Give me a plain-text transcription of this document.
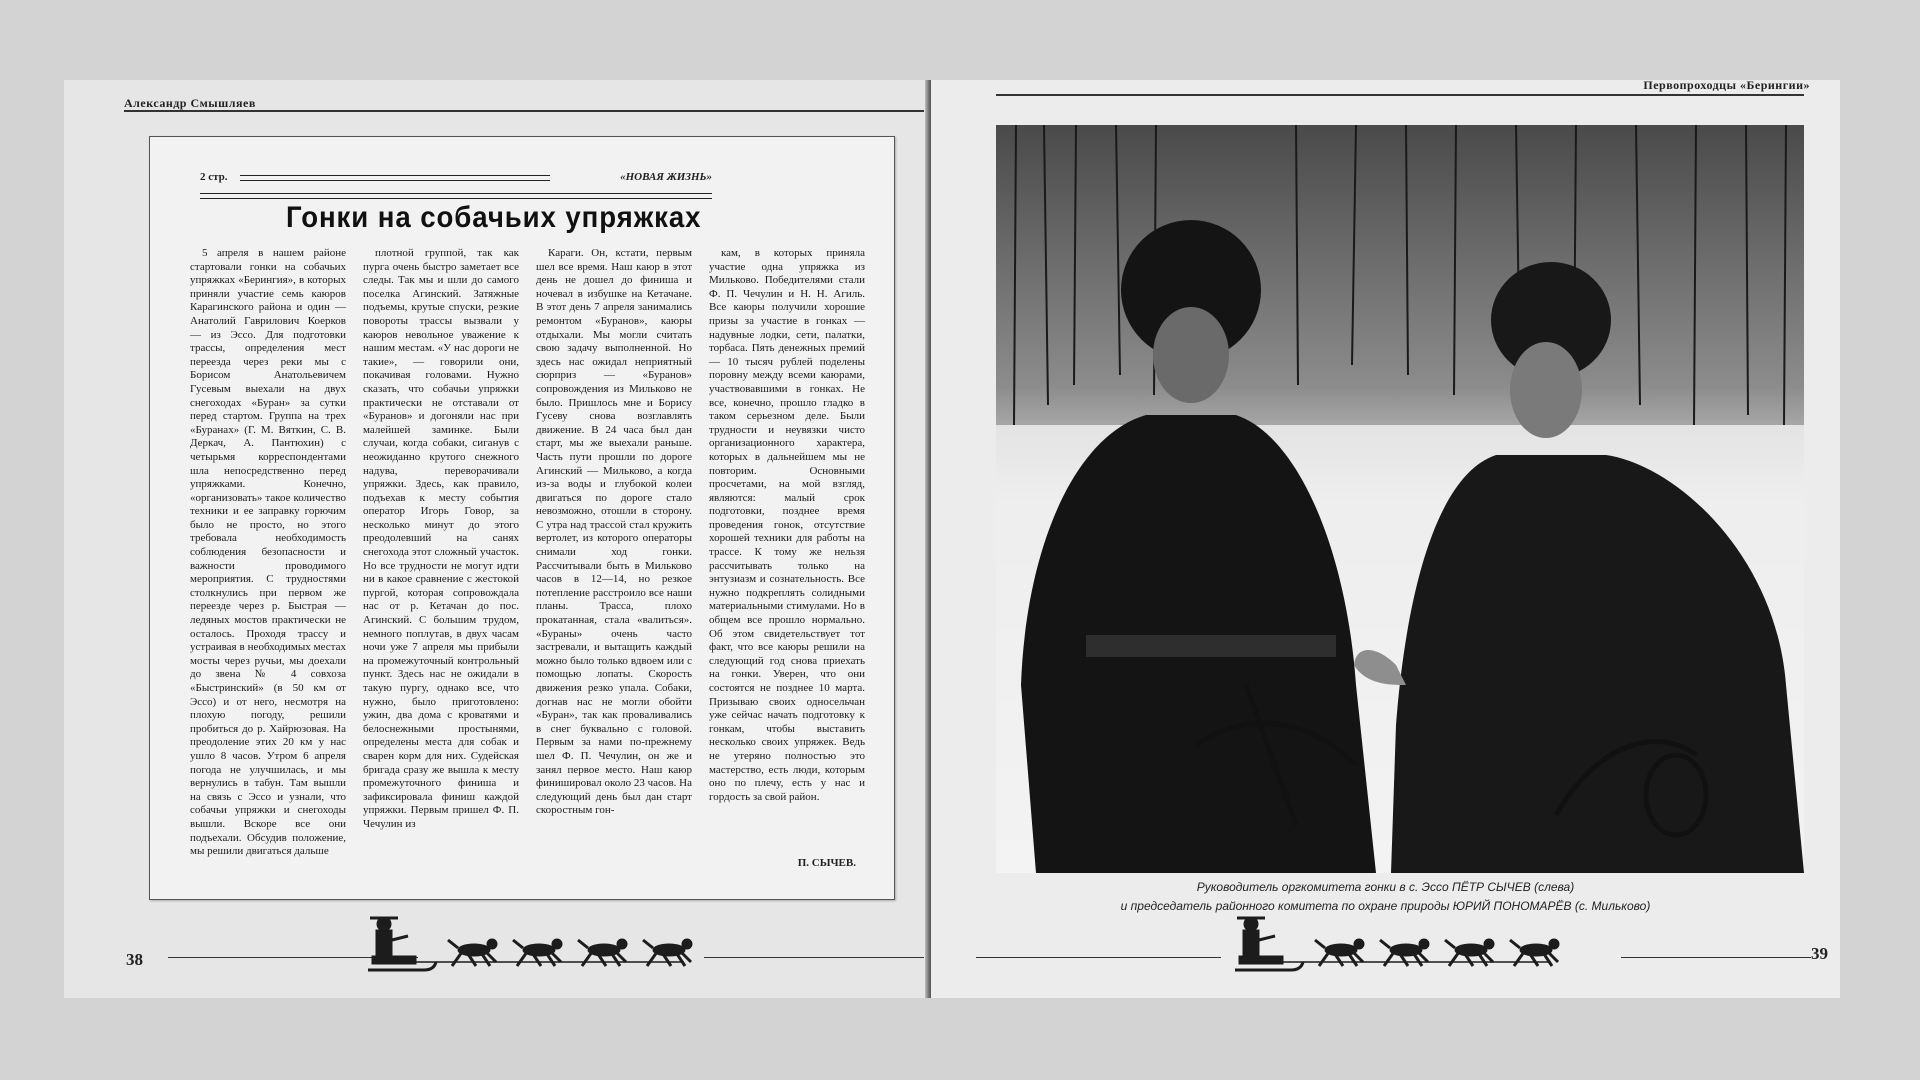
Александр Смышляев
2 стр.	«НОВАЯ ЖИЗНЬ»
Гонки на собачьих упряжках

5 апреля в нашем районе стартовали гонки на собачьих упряжках «Берингия», в которых приняли участие семь каюров Карагинского района и один — Анатолий Гаврилович Коерков — из Эссо. Для подготовки трассы, определения мест переезда через реки мы с Борисом Анатольевичем Гусевым выехали на двух снегоходах «Буран» за сутки перед стартом. Группа на трех «Буранах» (Г. М. Вяткин, С. В. Деркач, А. Пантюхин) с четырьмя корреспондентами шла непосредственно перед упряжками. Конечно, «организовать» такое количество техники и ее заправку горючим было не просто, но этого требовала необходимость соблюдения безопасности и важности проводимого мероприятия. С трудностями столкнулись при первом же переезде через р. Быстрая — ледяных мостов практически не осталось. Проходя трассу и устраивая в необходимых местах мосты через ручьи, мы доехали до звена № 4 совхоза «Быстринский» (в 50 км от Эссо) и от него, несмотря на плохую погоду, решили пробиться до р. Хайрюзовая. На преодоление этих 20 км у нас ушло 8 часов. Утром 6 апреля погода не улучшилась, и мы вернулись в табун. Там вышли на связь с Эссо и узнали, что собачьи упряжки и снегоходы вышли. Вскоре все они подъехали. Обсудив положение, мы решили двигаться дальше

плотной группой, так как пурга очень быстро заметает все следы. Так мы и шли до самого поселка Агинский. Затяжные подъемы, крутые спуски, резкие повороты трассы вызвали у каюров невольное уважение к нашим местам. «У нас дороги не такие», — говорили они, покачивая головами. Нужно сказать, что собачьи упряжки практически не отставали от «Буранов» и догоняли нас при малейшей заминке. Были случаи, когда собаки, сиганув с неожиданно крутого снежного надува, переворачивали упряжки. Здесь, как правило, подъехав к месту события оператор Игорь Говор, за несколько минут до этого преодолевший на санях снегохода этот сложный участок. Но все трудности не могут идти ни в какое сравнение с жестокой пургой, которая сопровождала нас от р. Кетачан до пос. Агинский. С большим трудом, немного поплутав, в двух часам ночи уже 7 апреля мы прибыли на промежуточный контрольный пункт. Здесь нас не ожидали в такую пургу, однако все, что нужно, было приготовлено: ужин, два дома с кроватями и белоснежными простынями, определены места для собак и сварен корм для них. Судейская бригада сразу же вышла к месту промежуточного финиша и зафиксировала финиш каждой упряжки. Первым пришел Ф. П. Чечулин из

Караги. Он, кстати, первым шел все время. Наш каюр в этот день не дошел до финиша и ночевал в избушке на Кетачане. В этот день 7 апреля занимались ремонтом «Буранов», каюры отдыхали. Мы могли считать свою задачу выполненной. Но здесь нас ожидал неприятный сюрприз — «Буранов» сопровождения из Мильково не было. Пришлось мне и Борису Гусеву снова возглавлять движение. В 24 часа был дан старт, мы же выехали раньше. Часть пути прошли по дороге Агинский — Мильково, а когда из-за воды и глубокой колеи двигаться по дороге стало невозможно, отошли в сторону. С утра над трассой стал кружить вертолет, из которого операторы снимали ход гонки. Рассчитывали быть в Мильково часов в 12—14, но резкое потепление расстроило все наши планы. Трасса, плохо прокатанная, стала «валиться». «Бураны» очень часто застревали, и вытащить каждый можно было только вдвоем или с помощью лопаты. Скорость движения резко упала. Собаки, догнав нас не могли обойти «Буран», так как проваливались в снег буквально с головой. Первым за нами по-прежнему шел Ф. П. Чечулин, он же и занял первое место. Наш каюр финишировал около 23 часов. На следующий день был дан старт скоростным гон-

кам, в которых приняла участие одна упряжка из Мильково. Победителями стали Ф. П. Чечулин и Н. Н. Агиль. Все каюры получили хорошие призы за участие в гонках — надувные лодки, сети, палатки, торбаса. Пять денежных премий — 10 тысяч рублей поделены поровну между всеми каюрами, участвовавшими в гонках. Не все, конечно, прошло гладко в таком серьезном деле. Были трудности и неувязки чисто организационного характера, которых в дальнейшем мы не повторим. Основными просчетами, на мой взгляд, являются: малый срок подготовки, позднее время проведения гонок, отсутствие хорошей техники для работы на трассе. К тому же нельзя рассчитывать только на энтузиазм и сознательность. Все нужно подкреплять солидными материальными стимулами. Но в общем все прошло нормально. Об этом свидетельствует тот факт, что все каюры решили на следующий год снова приехать на гонки. Уверен, что они состоятся не позднее 10 марта. Призываю своих односельчан уже сейчас начать подготовку к гонкам, чтобы выставить несколько своих упряжек. Ведь не утеряно полностью это мастерство, есть люди, которым оно по плечу, есть у нас и гордость за свой район.

П. СЫЧЕВ.
38
Первопроходцы «Берингии»
Руководитель оргкомитета гонки в с. Эссо ПЁТР СЫЧЕВ (слева)
и председатель районного комитета по охране природы ЮРИЙ ПОНОМАРЁВ (с. Мильково)
39
